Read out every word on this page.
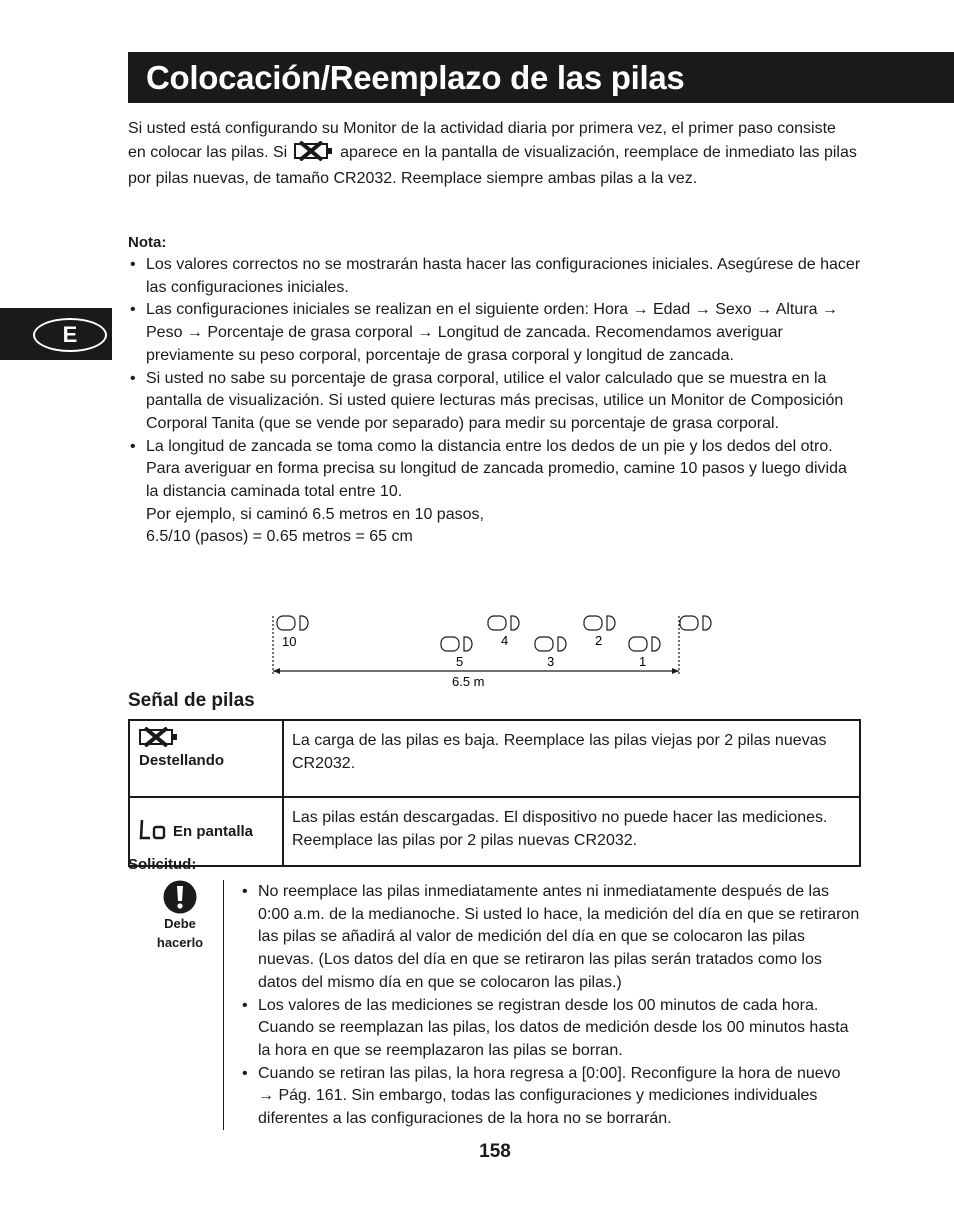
Colocación/Reemplazo de las pilas
E
Si usted está configurando su Monitor de la actividad diaria por primera vez, el primer paso consiste en colocar las pilas. Si	aparece en la pantalla de visualización, reemplace de inmediato las pilas por pilas nuevas, de tamaño CR2032. Reemplace siempre ambas pilas a la vez.
Nota:
• Los valores correctos no se mostrarán hasta hacer las configuraciones iniciales. Asegúrese de hacer las configuraciones iniciales.
• Las configuraciones iniciales se realizan en el siguiente orden: Hora → Edad → Sexo → Altura → Peso → Porcentaje de grasa corporal → Longitud de zancada. Recomendamos averiguar previamente su peso corporal, porcentaje de grasa corporal y longitud de zancada.
• Si usted no sabe su porcentaje de grasa corporal, utilice el valor calculado que se muestra en la pantalla de visualización. Si usted quiere lecturas más precisas, utilice un Monitor de Composición Corporal Tanita (que se vende por separado) para medir su porcentaje de grasa corporal.
• La longitud de zancada se toma como la distancia entre los dedos de un pie y los dedos del otro. Para averiguar en forma precisa su longitud de zancada promedio, camine 10 pasos y luego divida la distancia caminada total entre 10.
Por ejemplo, si caminó 6.5 metros en 10 pasos,
6.5/10 (pasos) = 0.65 metros = 65 cm
10
5
4
3
2
1
6.5 m
Señal de pilas
Destellando	La carga de las pilas es baja. Reemplace las pilas viejas por 2 pilas nuevas CR2032.

En pantalla	Las pilas están descargadas. El dispositivo no puede hacer las mediciones. Reemplace las pilas por 2 pilas nuevas CR2032.
Solicitud:
Debe
hacerlo
• No reemplace las pilas inmediatamente antes ni inmediatamente después de las 0:00 a.m. de la medianoche. Si usted lo hace, la medición del día en que se retiraron las pilas se añadirá al valor de medición del día en que se colocaron las pilas nuevas. (Los datos del día en que se retiraron las pilas serán tratados como los datos del mismo día en que se colocaron las pilas.)
• Los valores de las mediciones se registran desde los 00 minutos de cada hora. Cuando se reemplazan las pilas, los datos de medición desde los 00 minutos hasta la hora en que se reemplazaron las pilas se borran.
• Cuando se retiran las pilas, la hora regresa a [0:00]. Reconfigure la hora de nuevo → Pág. 161. Sin embargo, todas las configuraciones y mediciones individuales diferentes a las configuraciones de la hora no se borrarán.
158
